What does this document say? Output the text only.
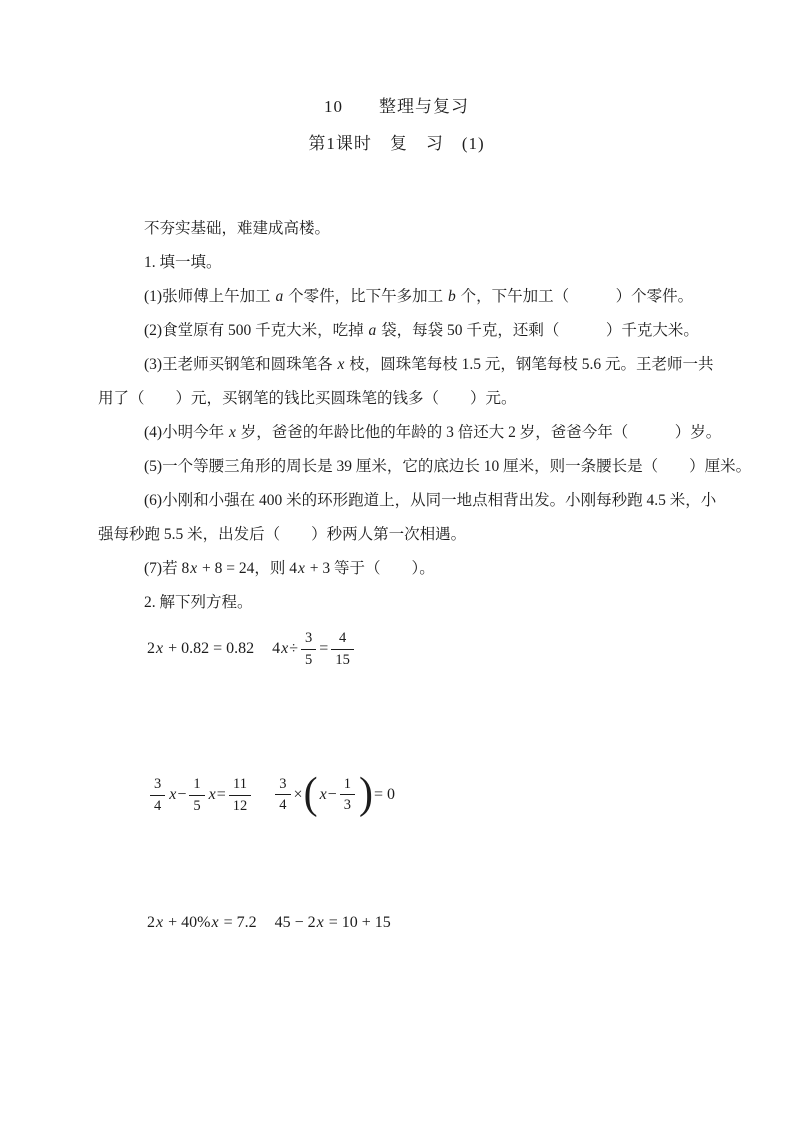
10　　整理与复习
第1课时　复　习　(1)
不夯实基础，难建成高楼。
1. 填一填。
(1)张师傅上午加工 a 个零件，比下午多加工 b 个，下午加工（　　　）个零件。
(2)食堂原有 500 千克大米，吃掉 a 袋，每袋 50 千克，还剩（　　　）千克大米。
(3)王老师买钢笔和圆珠笔各 x 枝，圆珠笔每枝 1.5 元，钢笔每枝 5.6 元。王老师一共
用了（　　）元，买钢笔的钱比买圆珠笔的钱多（　　）元。
(4)小明今年 x 岁，爸爸的年龄比他的年龄的 3 倍还大 2 岁，爸爸今年（　　　）岁。
(5)一个等腰三角形的周长是 39 厘米，它的底边长 10 厘米，则一条腰长是（　　）厘米。
(6)小刚和小强在 400 米的环形跑道上，从同一地点相背出发。小刚每秒跑 4.5 米，小
强每秒跑 5.5 米，出发后（　　）秒两人第一次相遇。
(7)若 8x + 8 = 24，则 4x + 3 等于（　　）。
2. 解下列方程。
2x + 0.82 = 0.82 $4x\div \frac{3}{5} = \frac{4}{15}$
$\frac{3}{4} x- \frac{1}{5} x= \frac{11}{12} \frac{3}{4}$ × ( $x- \frac{1}{3}$ ) = 0
2x + 40%x = 7.2 45 − 2x = 10 + 15
